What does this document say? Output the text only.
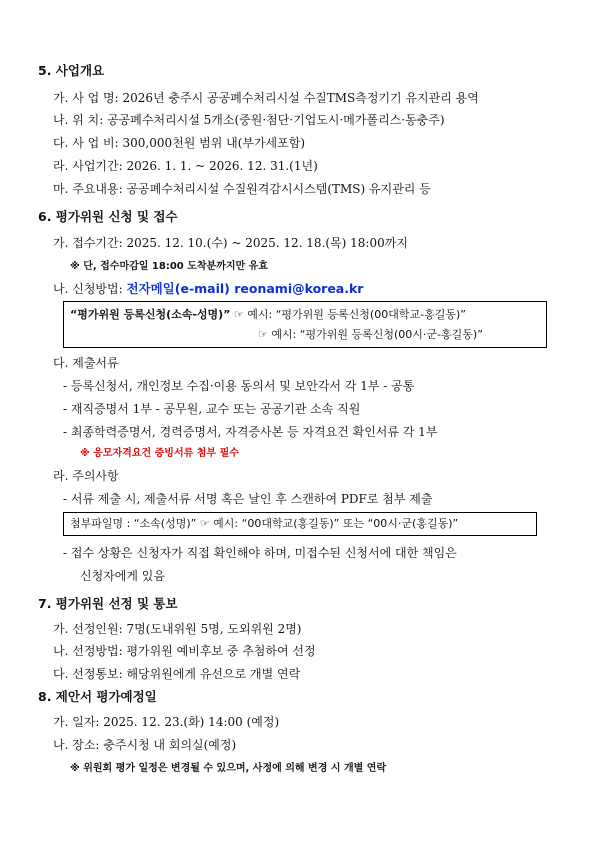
5. 사업개요
가. 사 업 명: 2026년 충주시 공공폐수처리시설 수질TMS측정기기 유지관리 용역
나. 위 치: 공공폐수처리시설 5개소(중원·첨단·기업도시·메가폴리스·동충주)
다. 사 업 비: 300,000천원 범위 내(부가세포함)
라. 사업기간: 2026. 1. 1. ~ 2026. 12. 31.(1년)
마. 주요내용: 공공폐수처리시설 수질원격감시시스템(TMS) 유지관리 등
6. 평가위원 신청 및 접수
가. 접수기간: 2025. 12. 10.(수) ~ 2025. 12. 18.(목) 18:00까지
※ 단, 접수마감일 18:00 도착분까지만 유효
나. 신청방법: 전자메일(e-mail) reonami@korea.kr
“평가위원 등록신청(소속-성명)” ☞ 예시: “평가위원 등록신청(00대학교-홍길동)”
☞ 예시: “평가위원 등록신청(00시·군-홍길동)”
다. 제출서류
- 등록신청서, 개인정보 수집·이용 동의서 및 보안각서 각 1부 - 공통
- 재직증명서 1부 - 공무원, 교수 또는 공공기관 소속 직원
- 최종학력증명서, 경력증명서, 자격증사본 등 자격요건 확인서류 각 1부
※ 응모자격요건 증빙서류 첨부 필수
라. 주의사항
- 서류 제출 시, 제출서류 서명 혹은 날인 후 스캔하여 PDF로 첨부 제출
첨부파일명 : “소속(성명)” ☞ 예시: “00대학교(홍길동)” 또는 “00시·군(홍길동)”
- 접수 상황은 신청자가 직접 확인해야 하며, 미접수된 신청서에 대한 책임은
신청자에게 있음
7. 평가위원 선정 및 통보
가. 선정인원: 7명(도내위원 5명, 도외위원 2명)
나. 선정방법: 평가위원 예비후보 중 추첨하여 선정
다. 선정통보: 해당위원에게 유선으로 개별 연락
8. 제안서 평가예정일
가. 일자: 2025. 12. 23.(화) 14:00 (예정)
나. 장소: 충주시청 내 회의실(예정)
※ 위원회 평가 일정은 변경될 수 있으며, 사정에 의해 변경 시 개별 연락
